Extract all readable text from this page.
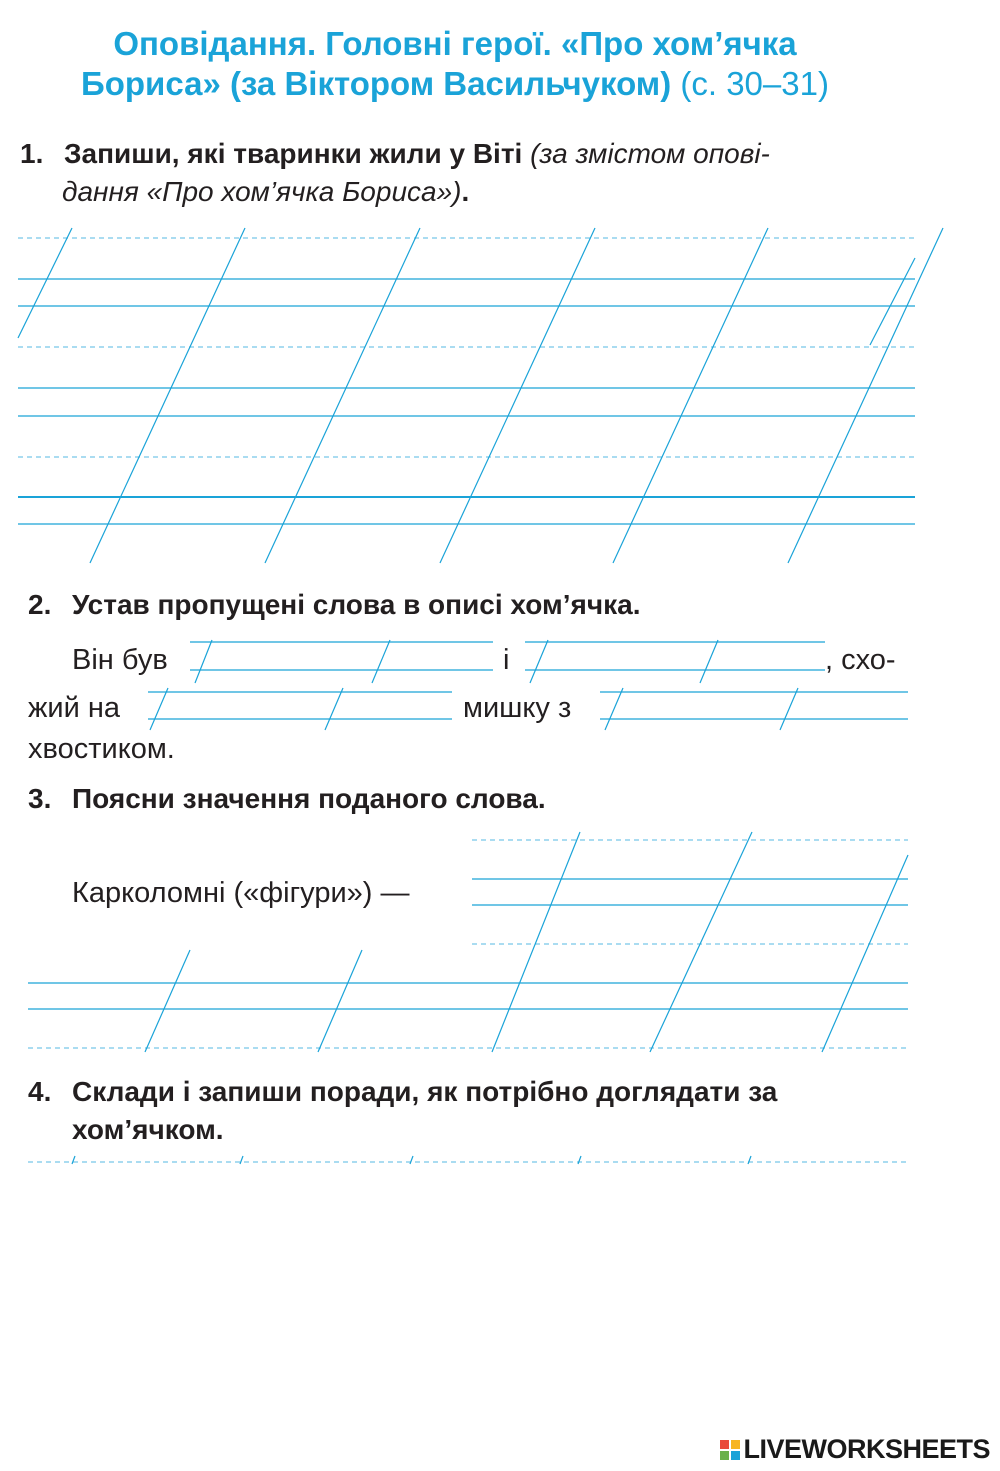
Оповідання. Головні герої. «Про хом’ячка
Бориса» (за Віктором Васильчуком) (с. 30–31)
1. Запиши, які тваринки жили у Віті (за змістом опові-
дання «Про хом’ячка Бориса»).
2. Устав пропущені слова в описі хом’ячка.
Він був	і	, схо-
жий на	мишку з
хвостиком.
3. Поясни значення поданого слова.
Карколомні («фігури») —
4. Склади і запиши поради, як потрібно доглядати за
хом’ячком.
LIVEWORKSHEETS
